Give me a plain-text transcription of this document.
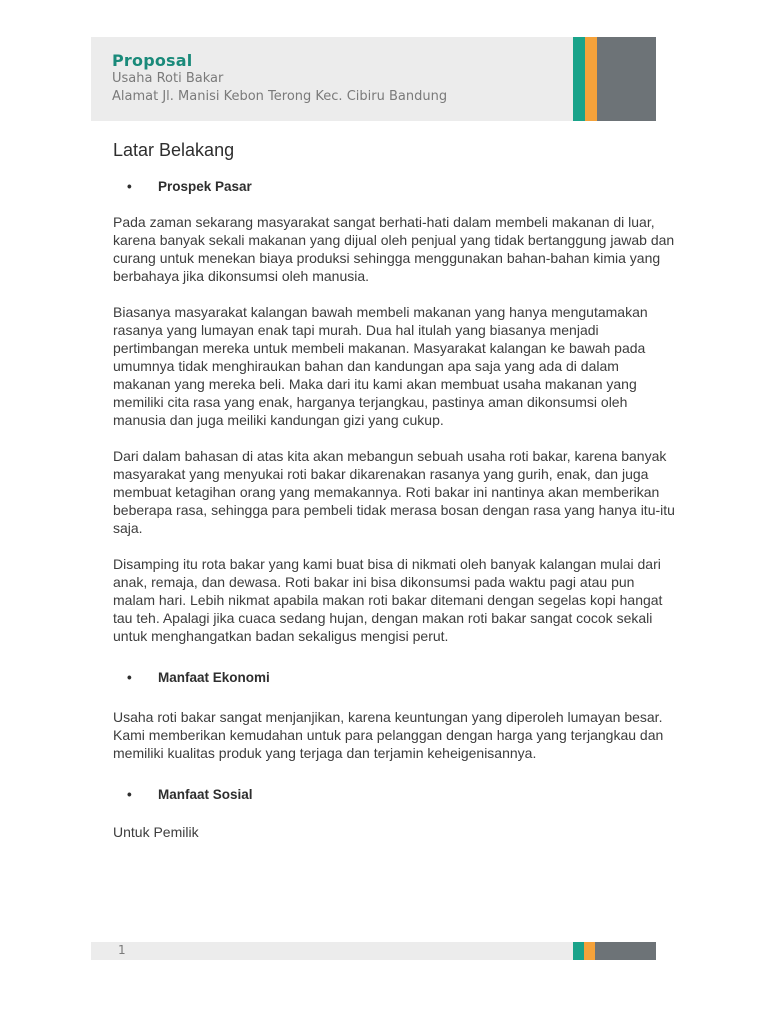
Proposal
Usaha Roti Bakar
Alamat Jl. Manisi Kebon Terong Kec. Cibiru Bandung
Latar Belakang
• Prospek Pasar

Pada zaman sekarang masyarakat sangat berhati-hati dalam membeli makanan di luar, karena banyak sekali makanan yang dijual oleh penjual yang tidak bertanggung jawab dan curang untuk menekan biaya produksi sehingga menggunakan bahan-bahan kimia yang berbahaya jika dikonsumsi oleh manusia.

Biasanya masyarakat kalangan bawah membeli makanan yang hanya mengutamakan rasanya yang lumayan enak tapi murah. Dua hal itulah yang biasanya menjadi pertimbangan mereka untuk membeli makanan. Masyarakat kalangan ke bawah pada umumnya tidak menghiraukan bahan dan kandungan apa saja yang ada di dalam makanan yang mereka beli. Maka dari itu kami akan membuat usaha makanan yang memiliki cita rasa yang enak, harganya terjangkau, pastinya aman dikonsumsi oleh manusia dan juga meiliki kandungan gizi yang cukup.

Dari dalam bahasan di atas kita akan mebangun sebuah usaha roti bakar, karena banyak masyarakat yang menyukai roti bakar dikarenakan rasanya yang gurih, enak, dan juga membuat ketagihan orang yang memakannya. Roti bakar ini nantinya akan memberikan beberapa rasa, sehingga para pembeli tidak merasa bosan dengan rasa yang hanya itu-itu saja.

Disamping itu rota bakar yang kami buat bisa di nikmati oleh banyak kalangan mulai dari anak, remaja, dan dewasa. Roti bakar ini bisa dikonsumsi pada waktu pagi atau pun malam hari. Lebih nikmat apabila makan roti bakar ditemani dengan segelas kopi hangat tau teh. Apalagi jika cuaca sedang hujan, dengan makan roti bakar sangat cocok sekali untuk menghangatkan badan sekaligus mengisi perut.

• Manfaat Ekonomi

Usaha roti bakar sangat menjanjikan, karena keuntungan yang diperoleh lumayan besar. Kami memberikan kemudahan untuk para pelanggan dengan harga yang terjangkau dan memiliki kualitas produk yang terjaga dan terjamin keheigenisannya.

• Manfaat Sosial

Untuk Pemilik

1
